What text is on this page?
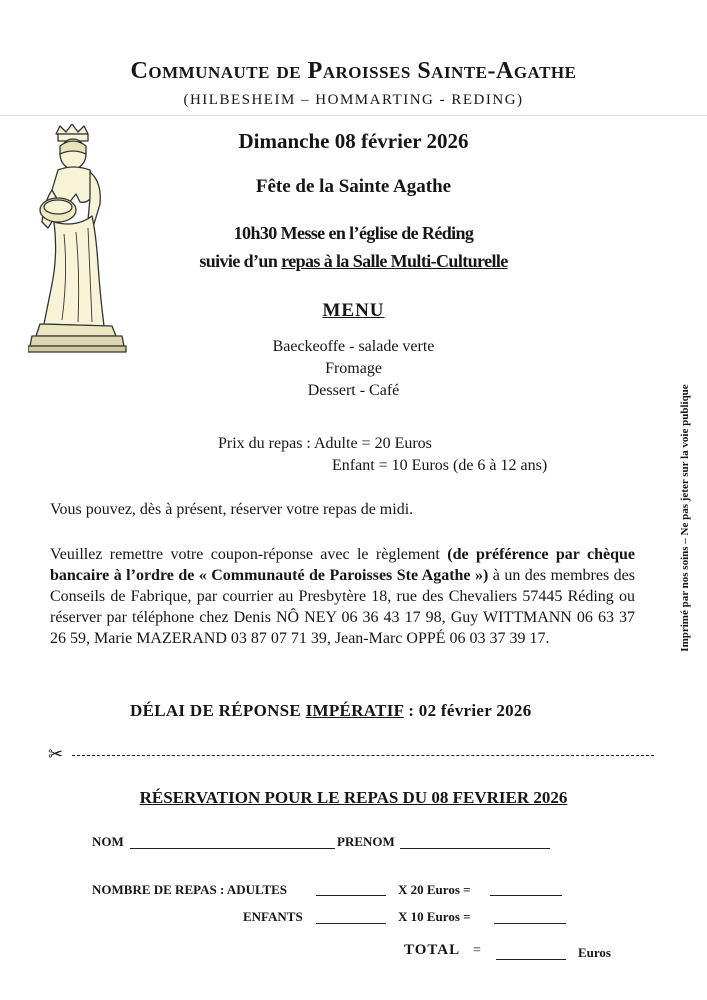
Communaute de Paroisses Sainte-Agathe
(HILBESHEIM – HOMMARTING - REDING)
Dimanche 08 février 2026
Fête de la Sainte Agathe
10h30 Messe en l’église de Réding
suivie d’un repas à la Salle Multi-Culturelle
MENU
Baeckeoffe - salade verte
Fromage
Dessert - Café
Prix du repas : Adulte = 20 Euros
Enfant = 10 Euros (de 6 à 12 ans)
Vous pouvez, dès à présent, réserver votre repas de midi.
Veuillez remettre votre coupon-réponse avec le règlement (de préférence par chèque bancaire à l’ordre de « Communauté de Paroisses Ste Agathe ») à un des membres des Conseils de Fabrique, par courrier au Presbytère 18, rue des Chevaliers 57445 Réding ou réserver par téléphone chez Denis NÔ NEY 06 36 43 17 98, Guy WITTMANN 06 63 37 26 59, Marie MAZERAND 03 87 07 71 39, Jean-Marc OPPÉ 06 03 37 39 17.
DÉLAI DE RÉPONSE IMPÉRATIF : 02 février 2026
✂
RÉSERVATION POUR LE REPAS DU 08 FEVRIER 2026
NOM	PRENOM
NOMBRE DE REPAS : ADULTES	X 20 Euros =
ENFANTS	X 10 Euros =
TOTAL =	Euros
Imprimé par nos soins – Ne pas jeter sur la voie publique
